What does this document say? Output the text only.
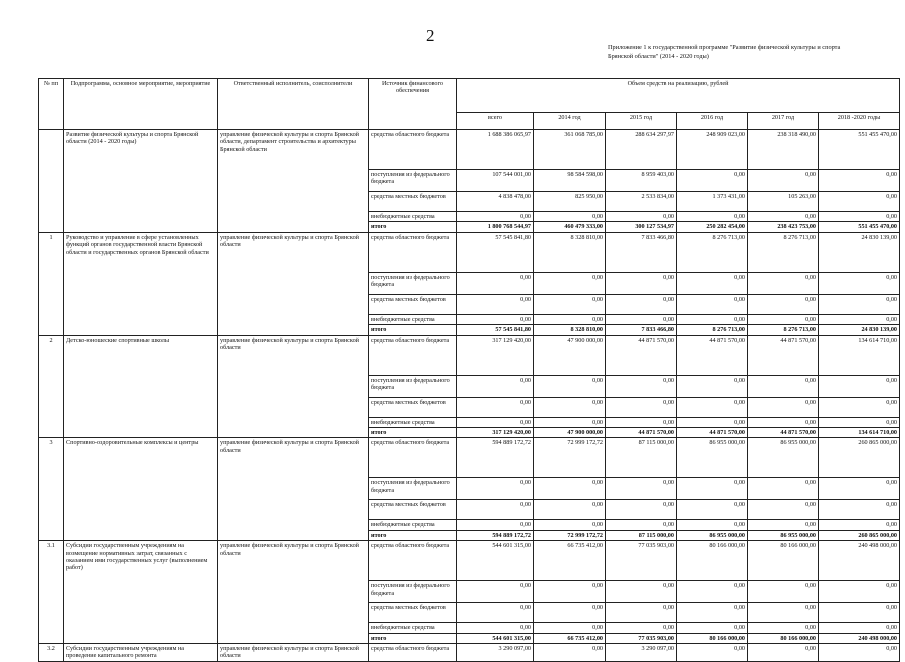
2
Приложение 1 к государственной программе "Развитие физической культуры и спорта
Брянской области" (2014 - 2020 годы)
№ пп	Подпрограмма, основное мероприятие, мероприятие	Ответственный исполнитель, соисполнители	Источник финансового обеспечения	Объем средств на реализацию, рублей					
				всего	2014 год	2015 год	2016 год	2017 год	2018 -2020 годы
	Развитие физической культуры и спорта Брянской области (2014 - 2020 годы)	управление физической культуры и спорта Брянской области, департамент строительства и архитектуры Брянской области	средства областного бюджета	1 688 386 065,97	361 068 785,00	288 634 297,97	248 909 023,00	238 318 490,00	551 455 470,00
			поступления из федерального бюджета	107 544 001,00	98 584 598,00	8 959 403,00	0,00	0,00	0,00
			средства местных бюджетов	4 838 478,00	825 950,00	2 533 834,00	1 373 431,00	105 263,00	0,00
			внебюджетные средства	0,00	0,00	0,00	0,00	0,00	0,00
			итого	1 800 768 544,97	460 479 333,00	300 127 534,97	250 282 454,00	238 423 753,00	551 455 470,00
1	Руководство и управление в сфере установленных функций органов государственной власти Брянской области и государственных органов Брянской области	управление физической культуры и спорта Брянской области	средства областного бюджета	57 545 841,80	8 328 810,00	7 833 466,80	8 276 713,00	8 276 713,00	24 830 139,00
			поступления из федерального бюджета	0,00	0,00	0,00	0,00	0,00	0,00
			средства местных бюджетов	0,00	0,00	0,00	0,00	0,00	0,00
			внебюджетные средства	0,00	0,00	0,00	0,00	0,00	0,00
			итого	57 545 841,80	8 328 810,00	7 833 466,80	8 276 713,00	8 276 713,00	24 830 139,00
2	Детско-юношеские спортивные школы	управление физической культуры и спорта Брянской области	средства областного бюджета	317 129 420,00	47 900 000,00	44 871 570,00	44 871 570,00	44 871 570,00	134 614 710,00
			поступления из федерального бюджета	0,00	0,00	0,00	0,00	0,00	0,00
			средства местных бюджетов	0,00	0,00	0,00	0,00	0,00	0,00
			внебюджетные средства	0,00	0,00	0,00	0,00	0,00	0,00
			итого	317 129 420,00	47 900 000,00	44 871 570,00	44 871 570,00	44 871 570,00	134 614 710,00
3	Спортивно-оздоровительные комплексы и центры	управление физической культуры и спорта Брянской области	средства областного бюджета	594 889 172,72	72 999 172,72	87 115 000,00	86 955 000,00	86 955 000,00	260 865 000,00
			поступления из федерального бюджета	0,00	0,00	0,00	0,00	0,00	0,00
			средства местных бюджетов	0,00	0,00	0,00	0,00	0,00	0,00
			внебюджетные средства	0,00	0,00	0,00	0,00	0,00	0,00
			итого	594 889 172,72	72 999 172,72	87 115 000,00	86 955 000,00	86 955 000,00	260 865 000,00
3.1	Субсидии государственным учреждениям на возмещение нормативных затрат, связанных с оказанием ими государственных услуг (выполнением работ)	управление физической культуры и спорта Брянской области	средства областного бюджета	544 601 315,00	66 735 412,00	77 035 903,00	80 166 000,00	80 166 000,00	240 498 000,00
			поступления из федерального бюджета	0,00	0,00	0,00	0,00	0,00	0,00
			средства местных бюджетов	0,00	0,00	0,00	0,00	0,00	0,00
			внебюджетные средства	0,00	0,00	0,00	0,00	0,00	0,00
			итого	544 601 315,00	66 735 412,00	77 035 903,00	80 166 000,00	80 166 000,00	240 498 000,00
3.2	Субсидии государственным учреждениям на проведение капитального ремонта	управление физической культуры и спорта Брянской области	средства областного бюджета	3 290 097,00	0,00	3 290 097,00	0,00	0,00	0,00
